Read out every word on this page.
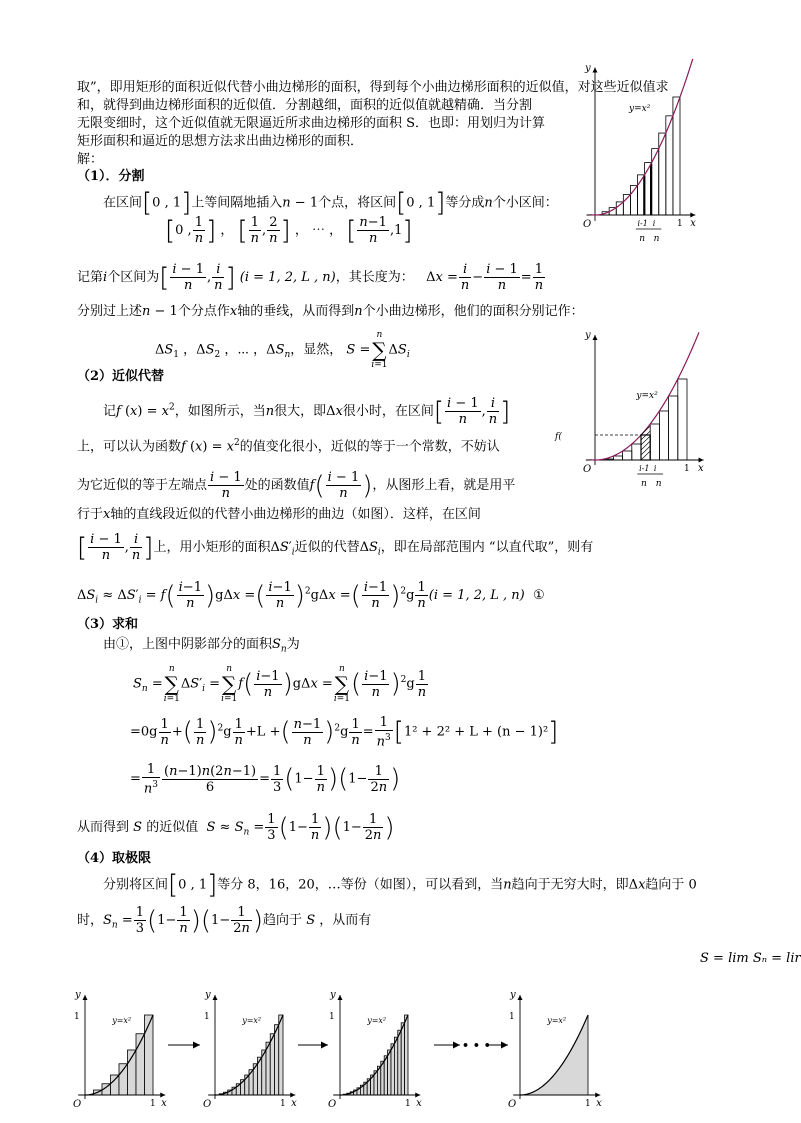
取”，即用矩形的面积近似代替小曲边梯形的面积，得到每个小曲边梯形面积的近似值，对这些近似值求
和，就得到曲边梯形面积的近似值．分割越细，面积的近似值就越精确．当分割
无限变细时，这个近似值就无限逼近所求曲边梯形的面积 S．也即：用划归为计算
矩形面积和逼近的思想方法求出曲边梯形的面积．
解：
（1）．分割
在区间[0 , 1]上等间隔地插入n − 1个点，将区间[0 , 1]等分成n个小区间：
[0 , $\frac{1}{n}$ ] ， [ $\frac{1}{n}$ , $\frac{2}{n}$ ] ， ⋯ ， [ $\frac{n-1}{n} ,1$]
记第i个区间为[ $\frac{i - 1}{n}$ , $\frac{i}{n}$ ] (i = 1, 2, L , n)，其长度为：   $\Delta x = \frac{i}{n} - \frac{i - 1}{n} = \frac{1}{n}$
分别过上述n − 1个分点作x轴的垂线，从而得到n个小曲边梯形，他们的面积分别记作：
$\Delta S_1$ ，$\Delta S_2$ ，⋯ ，$\Delta S_n$，显然， S =n
∑
$i=1\Delta S_i$
（2）近似代替
记f $(x) = x^2$，如图所示，当n很大，即Δx很小时，在区间[ $\frac{i - 1}{n}$ , $\frac{i}{n}$ ]
上，可以认为函数f $(x) = x^2$的值变化很小，近似的等于一个常数，不妨认
为它近似的等于左端点 $\frac{i - 1}{n}$ 处的函数值$f( \frac{i - 1}{n}$ )，从图形上看，就是用平
行于x轴的直线段近似的代替小曲边梯形的曲边（如图）．这样，在区间
[ $\frac{i - 1}{n}$ , $\frac{i}{n}$ ]上，用小矩形的面积$\Delta S'_i$近似的代替$\Delta S_i$，即在局部范围内 “以直代取”，则有
$\Delta S_i \approx \Delta S'_i = f( \frac{i-1}{n} )g\Delta x$ =( $\frac{i-1}{n} )^2g\Delta x$ =( $\frac{i-1}{n} )^2g \frac{1}{n} (i = 1$, 2, L , n) ①
（3）求和
由①，上图中阴影部分的面积$S_n$为
$S_n =n$
∑
$i=1\Delta S'_i =n$
∑
$i=1f( \frac{i-1}{n} )g\Delta x =n$
∑
$i=1( \frac{i-1}{n} )^2g \frac{1}{n}$
$=0g \frac{1}{n}$ +( $\frac{1}{n} )^2g \frac{1}{n} +L$ +( $\frac{n-1}{n} )^2g \frac{1}{n} = \frac{1}{n^3} [1^2 + 2^2 + L + (n - 1)^2]$
= $\frac{1}{n^3} \frac{(n-1)n(2n-1)}{6} = \frac{1}{3} (1- \frac{1}{n} )(1- \frac{1}{2n}$ )
从而得到 S 的近似值 $S \approx S_n = \frac{1}{3} (1- \frac{1}{n} )(1- \frac{1}{2n}$ )
（4）取极限
分别将区间[0 , 1]等分 8，16，20，…等份（如图），可以看到，当n趋向于无穷大时，即Δx趋向于 0
时，$S_n = \frac{1}{3} (1- \frac{1}{n} )(1- \frac{1}{2n}$ )趋向于 S ，从而有
S = lim Sₙ = lir
O	x
y
1
y=x²
i-1 i
n n
O	x
y
1
y=x²
f(
i-1 i
n n
O	x
y
1
y=x²
1
O	x
y
1
y=x²
1
O	x
y
1
y=x²
1
O	x
y
1
y=x²
1
• • •
